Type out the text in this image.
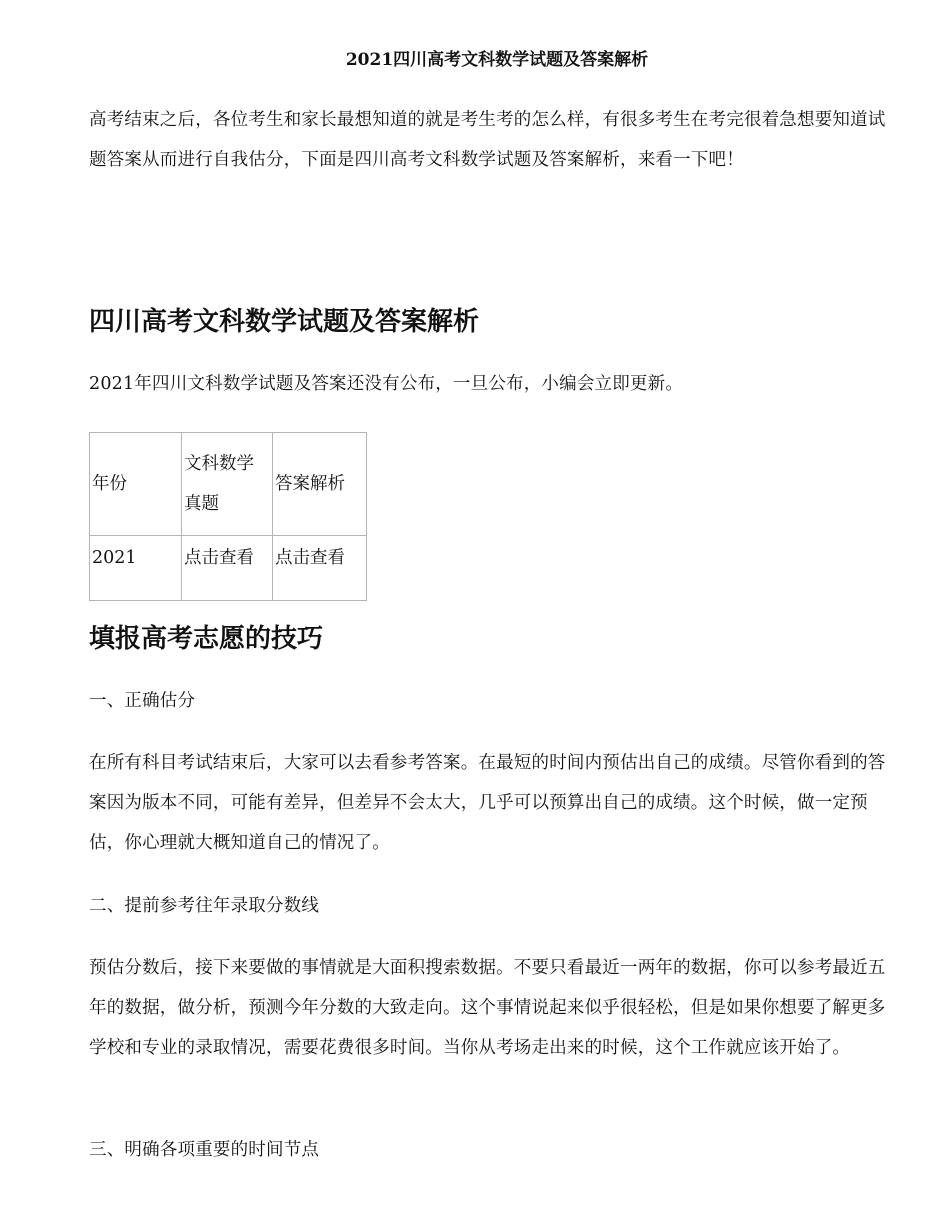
2021四川高考文科数学试题及答案解析

高考结束之后，各位考生和家长最想知道的就是考生考的怎么样，有很多考生在考完很着急想要知道试题答案从而进行自我估分，下面是四川高考文科数学试题及答案解析，来看一下吧！

四川高考文科数学试题及答案解析

2021年四川文科数学试题及答案还没有公布，一旦公布，小编会立即更新。

年份	文科数学真题	答案解析
2021	点击查看	点击查看
填报高考志愿的技巧

一、正确估分

在所有科目考试结束后，大家可以去看参考答案。在最短的时间内预估出自己的成绩。尽管你看到的答案因为版本不同，可能有差异，但差异不会太大，几乎可以预算出自己的成绩。这个时候，做一定预估，你心理就大概知道自己的情况了。

二、提前参考往年录取分数线

预估分数后，接下来要做的事情就是大面积搜索数据。不要只看最近一两年的数据，你可以参考最近五年的数据，做分析，预测今年分数的大致走向。这个事情说起来似乎很轻松，但是如果你想要了解更多学校和专业的录取情况，需要花费很多时间。当你从考场走出来的时候，这个工作就应该开始了。

三、明确各项重要的时间节点
